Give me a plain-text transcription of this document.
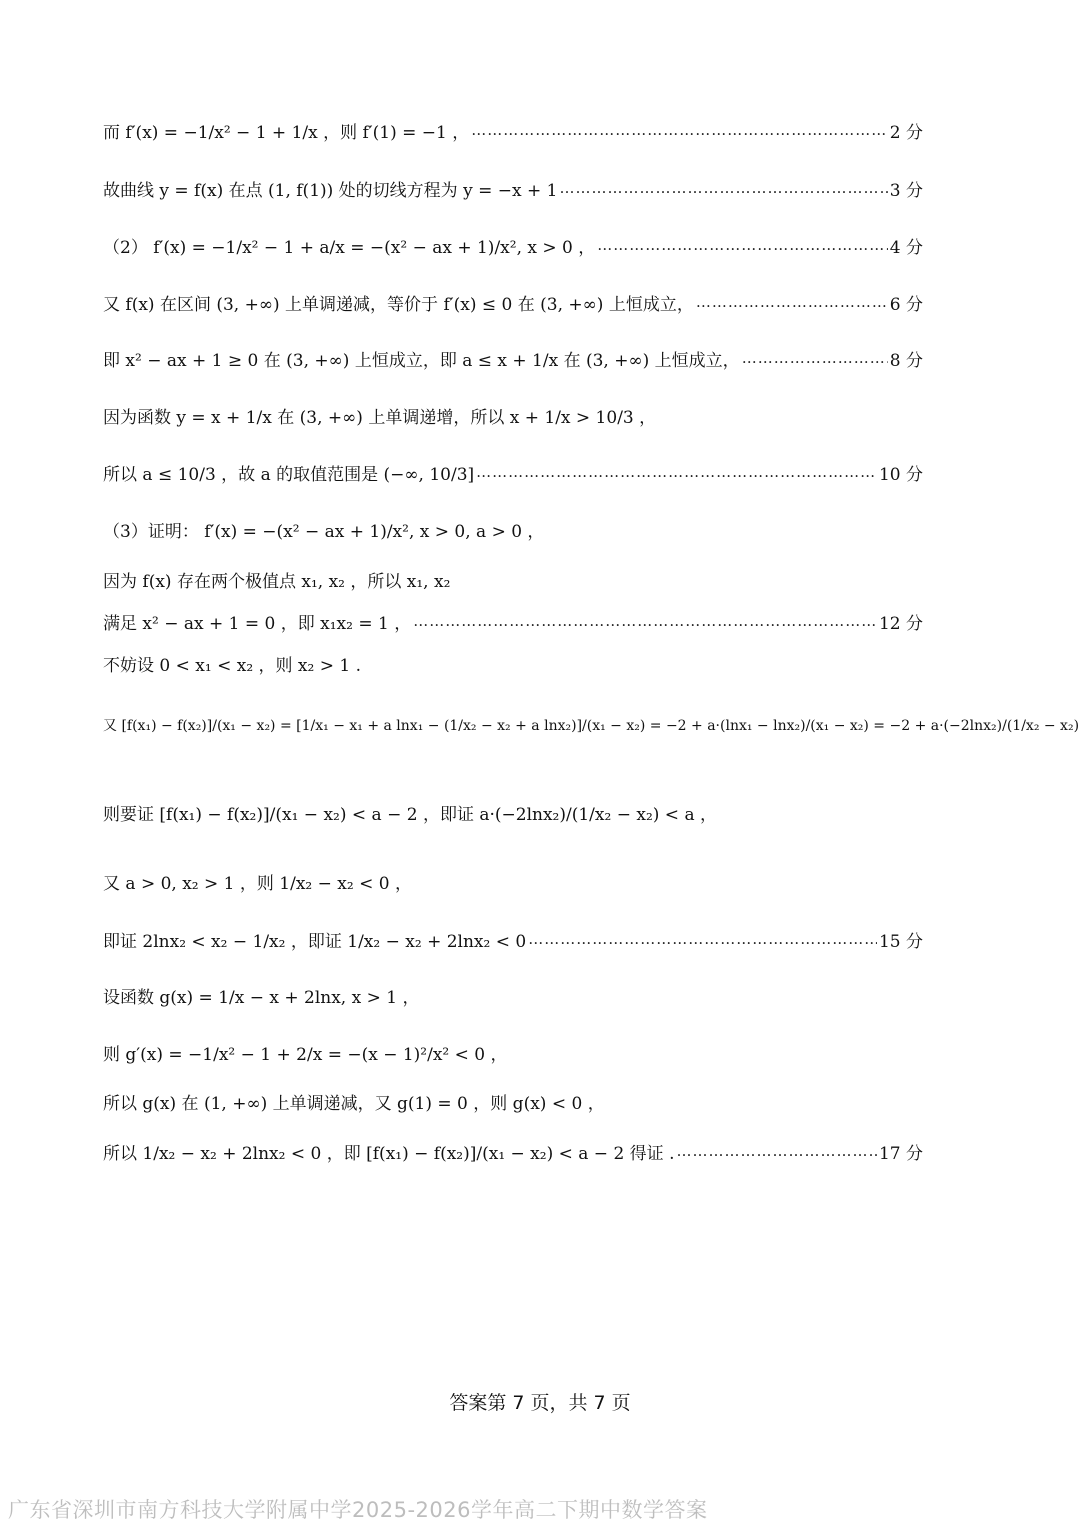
而 f′(x) = −1/x² − 1 + 1/x ，则 f′(1) = −1 ， ……………………………………………………………………………………………………………………………………………………………………………………………………	2 分
故曲线 y = f(x) 在点 (1, f(1)) 处的切线方程为 y = −x + 1 ……………………………………………………………………………………………………………………………………………………………………………………………………	3 分
（2） f′(x) = −1/x² − 1 + a/x = −(x² − ax + 1)/x², x > 0 ， ……………………………………………………………………………………………………………………………………………………………………………………………………	4 分
又 f(x) 在区间 (3, +∞) 上单调递减，等价于 f′(x) ≤ 0 在 (3, +∞) 上恒成立， ……………………………………………………………………………………………………………………………………………………………………………………………………	6 分
即 x² − ax + 1 ≥ 0 在 (3, +∞) 上恒成立，即 a ≤ x + 1/x 在 (3, +∞) 上恒成立， ……………………………………………………………………………………………………………………………………………………………………………………………………	8 分
因为函数 y = x + 1/x 在 (3, +∞) 上单调递增，所以 x + 1/x > 10/3 ，
所以 a ≤ 10/3 ，故 a 的取值范围是 (−∞, 10/3] ……………………………………………………………………………………………………………………………………………………………………………………………………	10 分
（3）证明： f′(x) = −(x² − ax + 1)/x², x > 0, a > 0 ，
因为 f(x) 存在两个极值点 x₁, x₂ ，所以 x₁, x₂
满足 x² − ax + 1 = 0 ，即 x₁x₂ = 1 ， ……………………………………………………………………………………………………………………………………………………………………………………………………	12 分
不妨设 0 < x₁ < x₂ ，则 x₂ > 1 .
又 [f(x₁) − f(x₂)]/(x₁ − x₂) = [1/x₁ − x₁ + a lnx₁ − (1/x₂ − x₂ + a lnx₂)]/(x₁ − x₂) = −2 + a·(lnx₁ − lnx₂)/(x₁ − x₂) = −2 + a·(−2lnx₂)/(1/x₂ − x₂)
则要证 [f(x₁) − f(x₂)]/(x₁ − x₂) < a − 2 ，即证 a·(−2lnx₂)/(1/x₂ − x₂) < a ，
又 a > 0, x₂ > 1 ，则 1/x₂ − x₂ < 0 ，
即证 2lnx₂ < x₂ − 1/x₂ ，即证 1/x₂ − x₂ + 2lnx₂ < 0 ……………………………………………………………………………………………………………………………………………………………………………………………………	15 分
设函数 g(x) = 1/x − x + 2lnx, x > 1 ，
则 g′(x) = −1/x² − 1 + 2/x = −(x − 1)²/x² < 0 ，
所以 g(x) 在 (1, +∞) 上单调递减，又 g(1) = 0 ，则 g(x) < 0 ，
所以 1/x₂ − x₂ + 2lnx₂ < 0 ，即 [f(x₁) − f(x₂)]/(x₁ − x₂) < a − 2 得证 . ……………………………………………………………………………………………………………………………………………………………………………………………………	17 分
答案第 7 页，共 7 页
广东省深圳市南方科技大学附属中学2025-2026学年高二下期中数学答案
